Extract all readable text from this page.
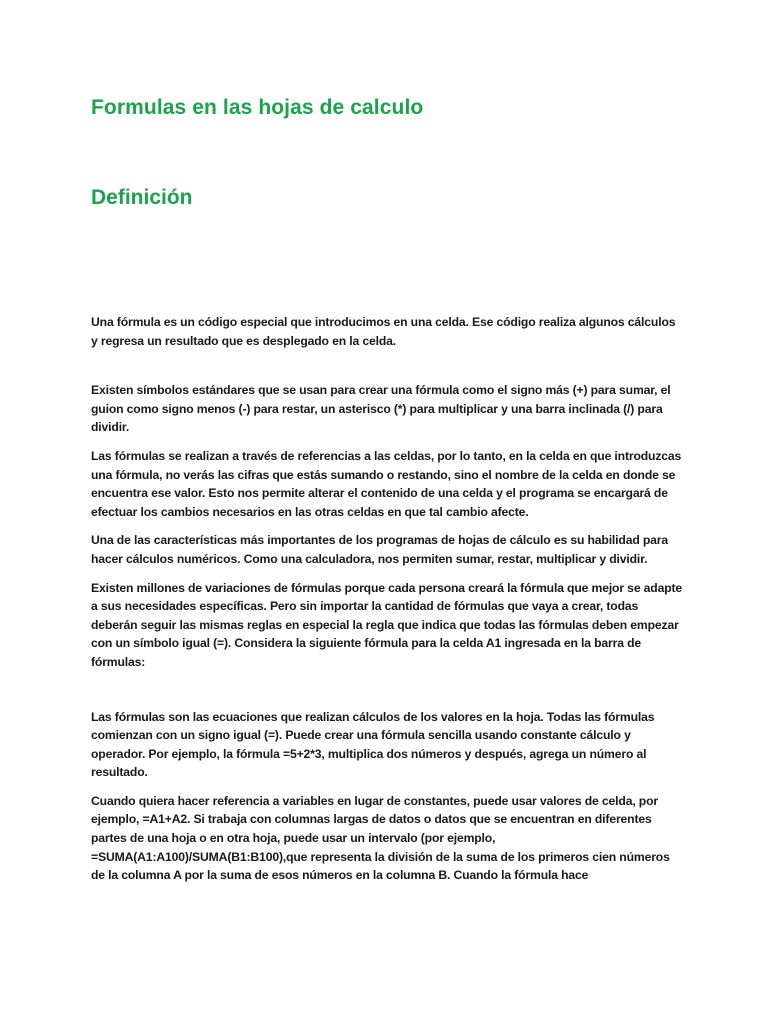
Formulas en las hojas de calculo
Definición

Una fórmula es un código especial que introducimos en una celda. Ese código realiza algunos cálculos y regresa un resultado que es desplegado en la celda.

Existen símbolos estándares que se usan para crear una fórmula como el signo más (+) para sumar, el guion como signo menos (-) para restar, un asterisco (*) para multiplicar y una barra inclinada (/) para dividir.

Las fórmulas se realizan a través de referencias a las celdas, por lo tanto, en la celda en que introduzcas una fórmula, no verás las cifras que estás sumando o restando, sino el nombre de la celda en donde se encuentra ese valor. Esto nos permite alterar el contenido de una celda y el programa se encargará de efectuar los cambios necesarios en las otras celdas en que tal cambio afecte.

Una de las características más importantes de los programas de hojas de cálculo es su habilidad para hacer cálculos numéricos. Como una calculadora, nos permiten sumar, restar, multiplicar y dividir.

Existen millones de variaciones de fórmulas porque cada persona creará la fórmula que mejor se adapte a sus necesidades específicas. Pero sin importar la cantidad de fórmulas que vaya a crear, todas deberán seguir las mismas reglas en especial la regla que indica que todas las fórmulas deben empezar con un símbolo igual (=). Considera la siguiente fórmula para la celda A1 ingresada en la barra de fórmulas:

Las fórmulas son las ecuaciones que realizan cálculos de los valores en la hoja. Todas las fórmulas comienzan con un signo igual (=). Puede crear una fórmula sencilla usando constante cálculo y operador. Por ejemplo, la fórmula =5+2*3, multiplica dos números y después, agrega un número al resultado.

Cuando quiera hacer referencia a variables en lugar de constantes, puede usar valores de celda, por ejemplo, =A1+A2. Si trabaja con columnas largas de datos o datos que se encuentran en diferentes partes de una hoja o en otra hoja, puede usar un intervalo (por ejemplo, =SUMA(A1:A100)/SUMA(B1:B100),que representa la división de la suma de los primeros cien números de la columna A por la suma de esos números en la columna B. Cuando la fórmula hace
